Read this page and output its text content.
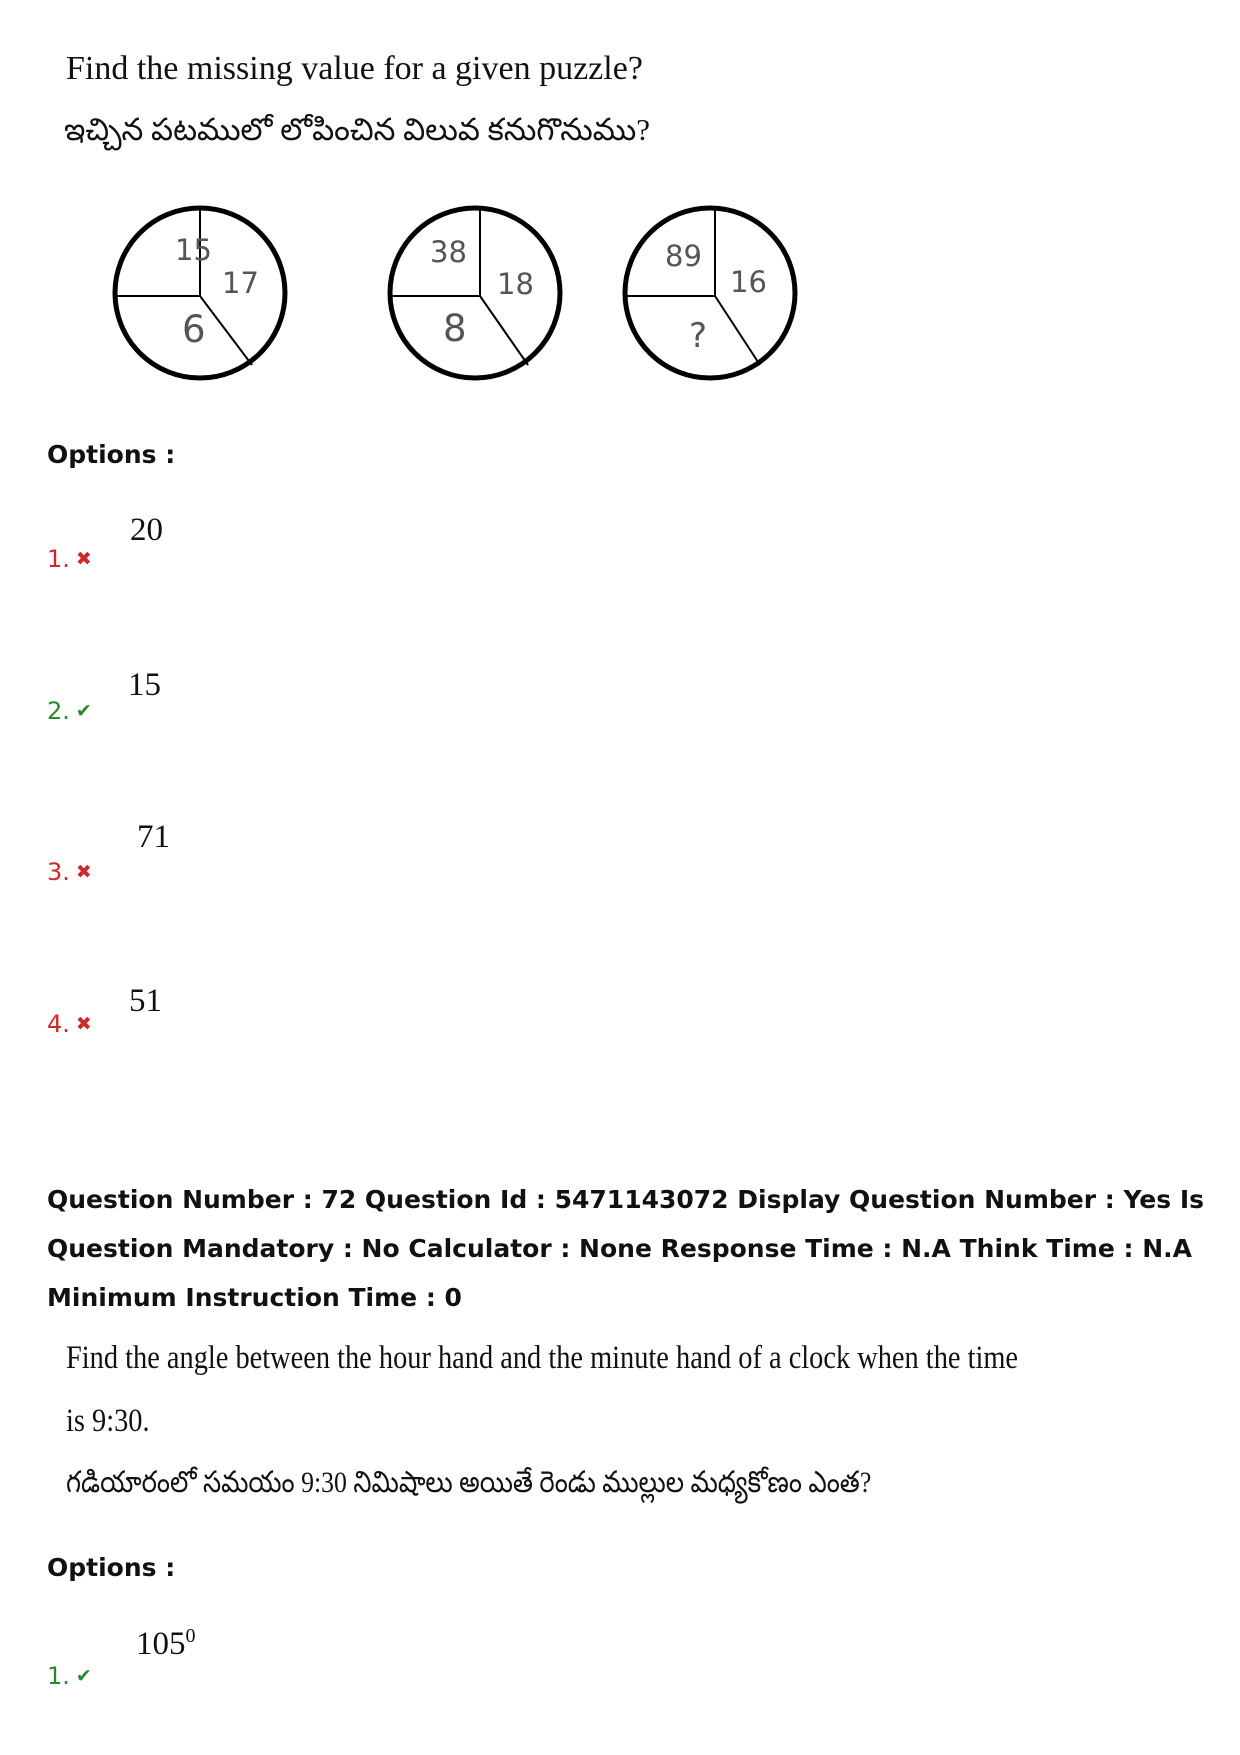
Find the missing value for a given puzzle?
ఇచ్చిన పటములో లోపించిన విలువ కనుగొనుము?
15
17
6
38
18
8
89
16
?
Options :
20
1. ✖
15
2. ✔
71
3. ✖
51
4. ✖
Question Number : 72 Question Id : 5471143072 Display Question Number : Yes Is Question Mandatory : No Calculator : None Response Time : N.A Think Time : N.A Minimum Instruction Time : 0
Find the angle between the hour hand and the minute hand of a clock when the time
is 9:30.
గడియారంలో సమయం 9:30 నిమిషాలు అయితే రెండు ముల్లుల మధ్యకోణం ఎంత?
Options :
$105^0$
1. ✔
